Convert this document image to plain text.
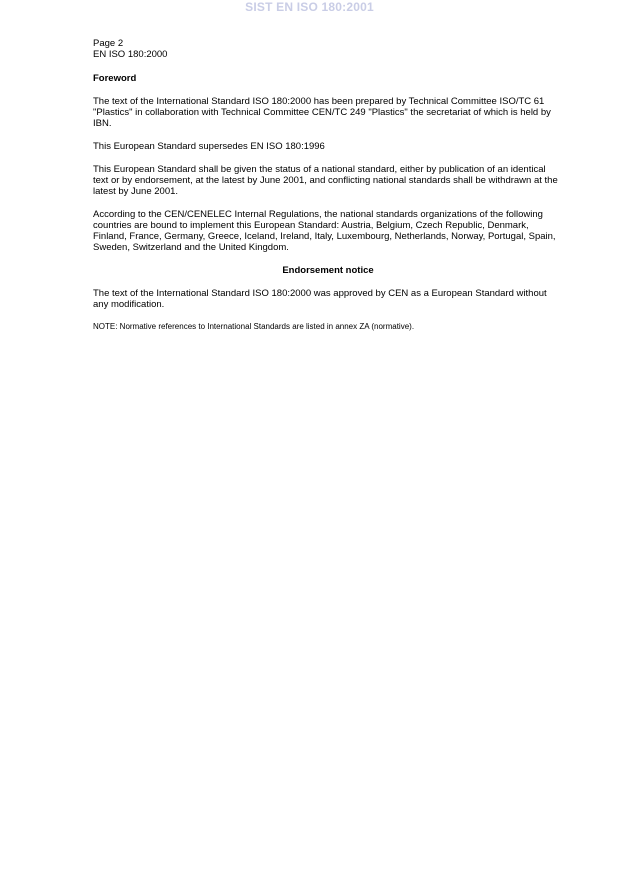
SIST EN ISO 180:2001
Page 2
EN ISO 180:2000
Foreword
The text of the International Standard ISO 180:2000 has been prepared by Technical Committee ISO/TC 61 "Plastics" in collaboration with Technical Committee CEN/TC 249 "Plastics" the secretariat of which is held by IBN.
This European Standard supersedes EN ISO 180:1996
This European Standard shall be given the status of a national standard, either by publication of an identical text or by endorsement, at the latest by June 2001, and conflicting national standards shall be withdrawn at the latest by June 2001.
According to the CEN/CENELEC Internal Regulations, the national standards organizations of the following countries are bound to implement this European Standard: Austria, Belgium, Czech Republic, Denmark, Finland, France, Germany, Greece, Iceland, Ireland, Italy, Luxembourg, Netherlands, Norway, Portugal, Spain, Sweden, Switzerland and the United Kingdom.
Endorsement notice
The text of the International Standard ISO 180:2000 was approved by CEN as a European Standard without any modification.
NOTE: Normative references to International Standards are listed in annex ZA (normative).
